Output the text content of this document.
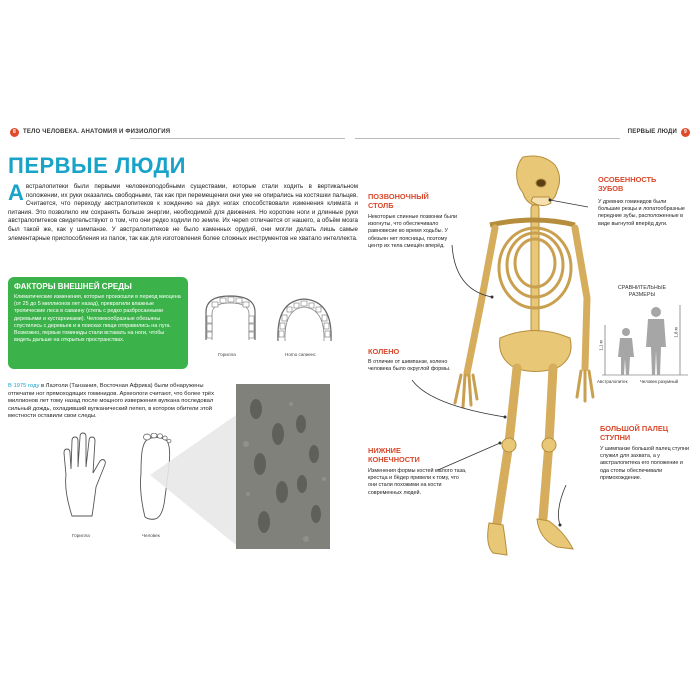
8	ТЕЛО ЧЕЛОВЕКА. АНАТОМИЯ И ФИЗИОЛОГИЯ	ПЕРВЫЕ ЛЮДИ	9
ПЕРВЫЕ ЛЮДИ
Австралопитеки были первыми человекоподобными существами, которые стали ходить в вертикальном положении, их руки оказались свободными, так как при перемещении они уже не опирались на костяшки пальцев. Считается, что переходу австралопитеков к хождению на двух ногах способствовали изменения климата и питания. Это позволило им сохранять больше энергии, необходимой для движения. Но короткие ноги и длинные руки австралопитеков свидетельствуют о том, что они редко ходили по земле. Их череп отличается от нашего, а объём мозга был такой же, как у шимпанзе. У австралопитеков не было каменных орудий, они могли делать лишь самые элементарные приспособления из палок, так как для изготовления более сложных инструментов не хватало интеллекта.
ФАКТОРЫ ВНЕШНЕЙ СРЕДЫ

Климатические изменения, которые произошли в период миоцена (от 25 до 5 миллионов лет назад), превратили влажные тропические леса в саванну (степь с редко разбросанными деревьями и кустарниками). Человекообразные обезьяны спустились с деревьев и в поисках пищи отправились на луга. Возможно, первые гоминиды стали вставать на ноги, чтобы видеть дальше на открытых пространствах.

Горилла	Homo сапиенс
В 1975 году в Лаэтоли (Танзания, Восточная Африка) были обнаружены отпечатки ног прямоходящих гоминидов. Археологи считают, что более трёх миллионов лет тому назад после мощного извержения вулкана последовал сильный дождь, охладивший вулканический пепел, в котором обители этой местности оставили свои следы.
Горилла	Человек
ПОЗВОНОЧНЫЙ
СТОЛБ
Некоторые спинные позвонки были изогнуты, что обеспечивало равновесие во время ходьбы. У обезьян нет поясницы, поэтому центр их тела смещён вперёд.
ОСОБЕННОСТЬ
ЗУБОВ
У древних гоминидов были большие резцы и лопатообразные передние зубы, расположенные в виде выгнутой вперёд дуги.
КОЛЕНО
В отличие от шимпанзе, колено человека было округлой формы.
НИЖНИЕ
КОНЕЧНОСТИ
Изменения формы костей малого таза, крестца и бёдер привели к тому, что они стали похожими на кости современных людей.
БОЛЬШОЙ ПАЛЕЦ
СТУПНИ
У шимпанзе большой палец ступни служил для захвата, а у австралопитека его положение и ода стопы обеспечивали прямохождение.
СРАВНИТЕЛЬНЫЕ
РАЗМЕРЫ
1,1 м
1,8 м
Австралопитек	Человек разумный
